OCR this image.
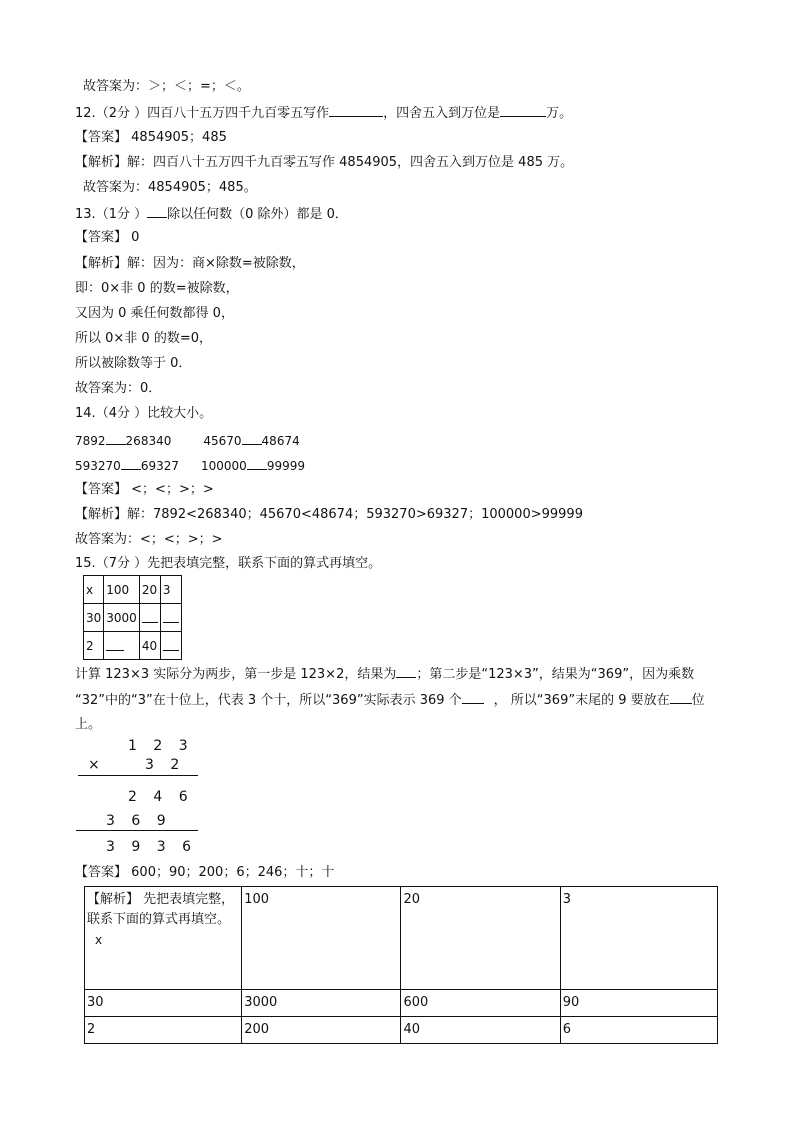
故答案为：＞；＜；=；＜。
12.（2分 ）四百八十五万四千九百零五写作	，四舍五入到万位是	万。
【答案】 4854905；485
【解析】解：四百八十五万四千九百零五写作 4854905，四舍五入到万位是 485 万。
故答案为：4854905；485。
13.（1分 ） 除以任何数（0 除外）都是 0．
【答案】 0
【解析】解：因为：商×除数=被除数，
即：0×非 0 的数=被除数，
又因为 0 乘任何数都得 0，
所以 0×非 0 的数=0，
所以被除数等于 0．
故答案为：0．
14.（4分 ）比较大小。
7892 268340	45670 48674
593270 69327 100000 99999
【答案】 <；<；>；>
【解析】解：7892<268340；45670<48674；593270>69327；100000>99999
故答案为：<；<；>；>
15.（7分 ）先把表填完整，联系下面的算式再填空。
x	100	20	3
30	3000		
2		40	
计算 123×3 实际分为两步，第一步是 123×2，结果为 ；第二步是“123×3”，结果为“369”，因为乘数
“32”中的“3”在十位上，代表 3 个十，所以“369”实际表示 369 个 ， 所以“369”末尾的 9 要放在 位
上。
1 2 3
×	3 2
2 4 6
3 6 9
3 9 3 6
【答案】 600；90；200；6；246；十；十
【解析】 先把表填完整，联系下面的算式再填空。
x	100	20	3
30	3000	600	90
2	200	40	6
